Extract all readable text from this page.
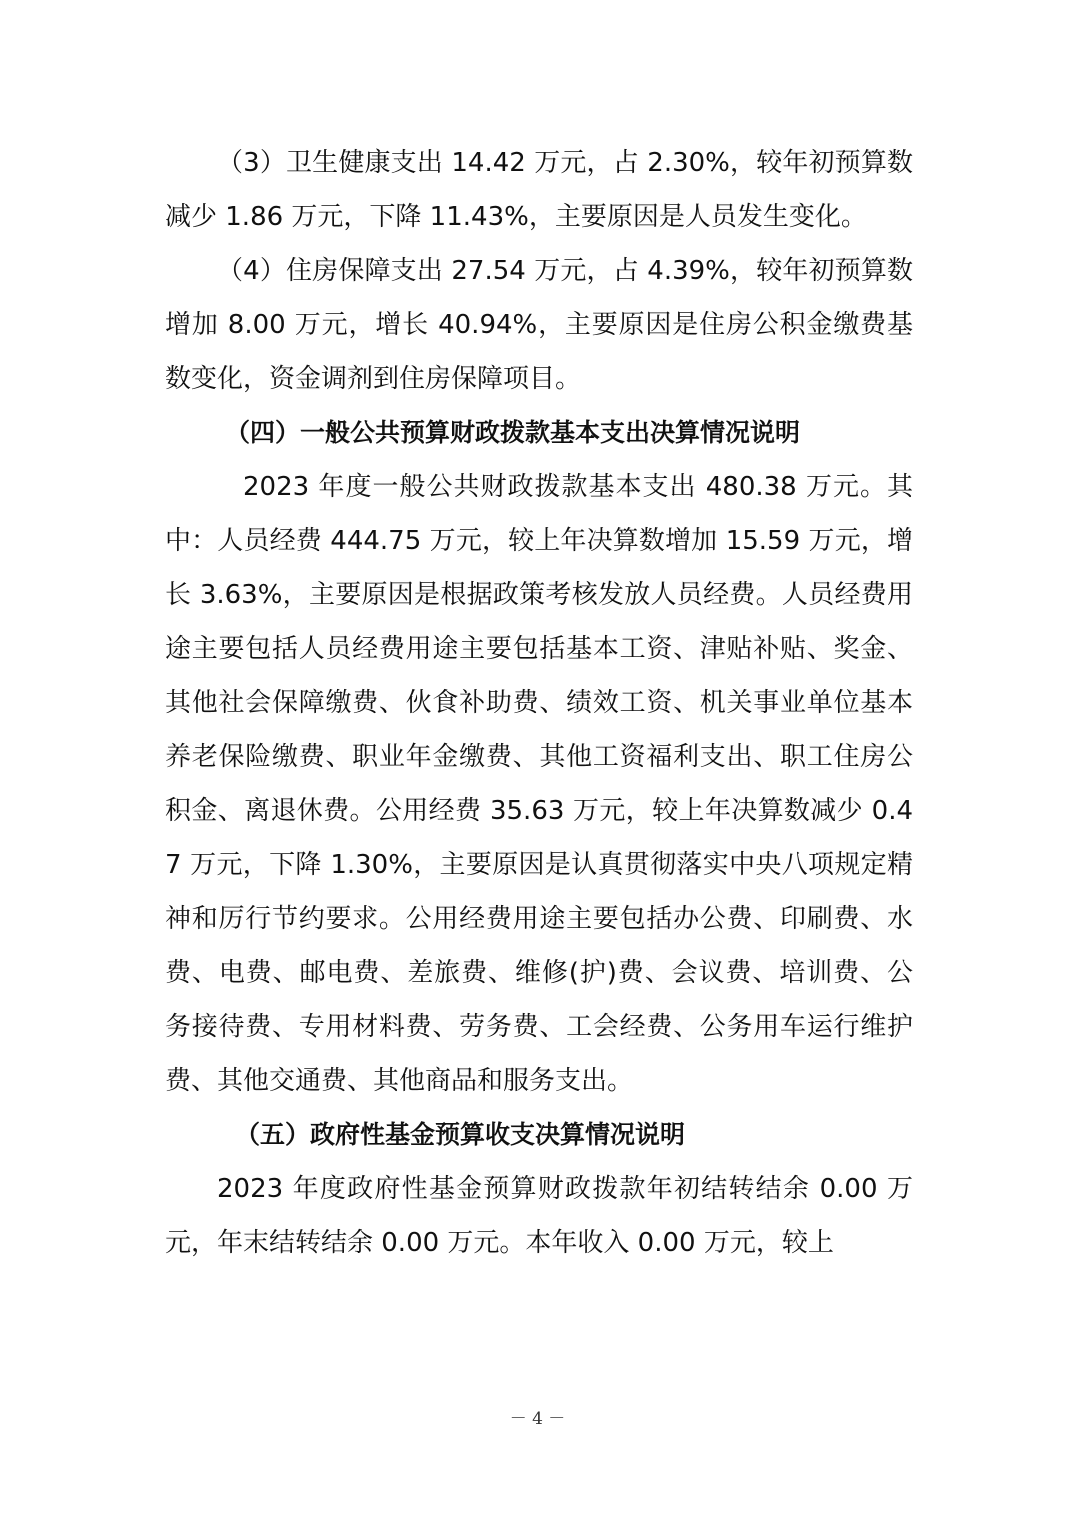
（3）卫生健康支出 14.42 万元，占 2.30%，较年初预算数减少 1.86 万元，下降 11.43%，主要原因是人员发生变化。

（4）住房保障支出 27.54 万元，占 4.39%，较年初预算数增加 8.00 万元，增长 40.94%，主要原因是住房公积金缴费基数变化，资金调剂到住房保障项目。

（四）一般公共预算财政拨款基本支出决算情况说明

2023 年度一般公共财政拨款基本支出 480.38 万元。其中：人员经费 444.75 万元，较上年决算数增加 15.59 万元，增长 3.63%，主要原因是根据政策考核发放人员经费。人员经费用途主要包括人员经费用途主要包括基本工资、津贴补贴、奖金、其他社会保障缴费、伙食补助费、绩效工资、机关事业单位基本养老保险缴费、职业年金缴费、其他工资福利支出、职工住房公积金、离退休费。公用经费 35.63 万元，较上年决算数减少 0.47 万元，下降 1.30%，主要原因是认真贯彻落实中央八项规定精神和厉行节约要求。公用经费用途主要包括办公费、印刷费、水费、电费、邮电费、差旅费、维修(护)费、会议费、培训费、公务接待费、专用材料费、劳务费、工会经费、公务用车运行维护费、其他交通费、其他商品和服务支出。

（五）政府性基金预算收支决算情况说明

2023 年度政府性基金预算财政拨款年初结转结余 0.00 万元，年末结转结余 0.00 万元。本年收入 0.00 万元，较上

－ 4 －
